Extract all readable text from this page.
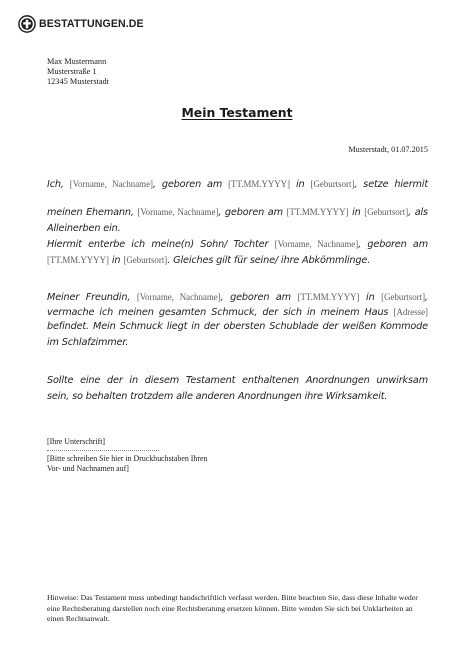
BESTATTUNGEN.DE
Max Mustermann
Musterstraße 1
12345 Musterstadt
Mein Testament
Musterstadt, 01.07.2015
Ich, [Vorname, Nachname], geboren am [TT.MM.YYYY] in [Geburtsort], setze hiermit
meinen Ehemann, [Vorname, Nachname], geboren am [TT.MM.YYYY] in [Geburtsort], als
Alleinerben ein.
Hiermit enterbe ich meine(n) Sohn/ Tochter [Vorname, Nachname], geboren am
[TT.MM.YYYY] in [Geburtsort]. Gleiches gilt für seine/ ihre Abkömmlinge.
Meiner Freundin, [Vorname, Nachname], geboren am [TT.MM.YYYY] in [Geburtsort],
vermache ich meinen gesamten Schmuck, der sich in meinem Haus [Adresse]
befindet. Mein Schmuck liegt in der obersten Schublade der weißen Kommode
im Schlafzimmer.
Sollte eine der in diesem Testament enthaltenen Anordnungen unwirksam
sein, so behalten trotzdem alle anderen Anordnungen ihre Wirksamkeit.
[Ihre Unterschrift]
[Bitte schreiben Sie hier in Druckbuchstaben Ihren
Vor- und Nachnamen auf]
Hinweise: Das Testament muss unbedingt handschriftlich verfasst werden. Bitte beachten Sie, dass diese Inhalte weder
eine Rechtsberatung darstellen noch eine Rechtsberatung ersetzen können. Bitte wenden Sie sich bei Unklarheiten an
einen Rechtsanwalt.
